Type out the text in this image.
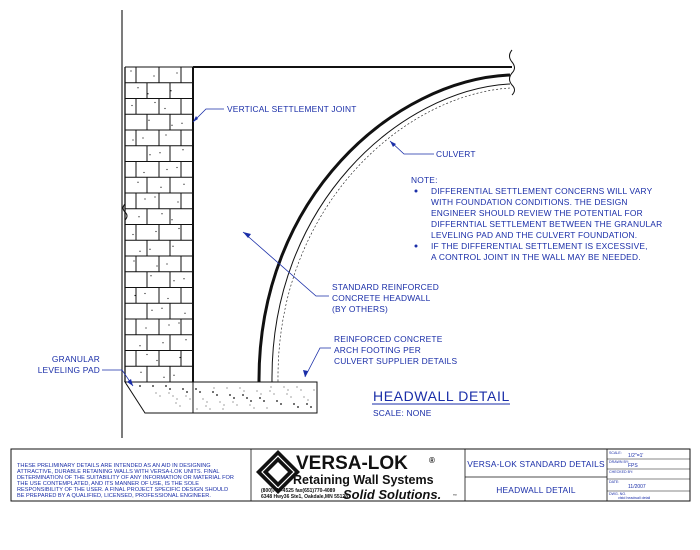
VERTICAL SETTLEMENT JOINT
CULVERT
STANDARD REINFORCED
CONCRETE HEADWALL
(BY OTHERS)
REINFORCED CONCRETE
ARCH FOOTING PER
CULVERT SUPPLIER DETAILS
GRANULAR
LEVELING PAD
NOTE:
DIFFERENTIAL SETTLEMENT CONCERNS WILL VARY
WITH FOUNDATION CONDITIONS. THE DESIGN
ENGINEER SHOULD REVIEW THE POTENTIAL FOR
DIFFERNTIAL SETTLEMENT BETWEEN THE GRANULAR
LEVELING PAD AND THE CULVERT FOUNDATION.
IF THE DIFFERENTIAL SETTLEMENT IS EXCESSIVE,
A CONTROL JOINT IN THE WALL MAY BE NEEDED.
HEADWALL DETAIL
SCALE: NONE
THESE PRELIMINARY DETAILS ARE INTENDED AS AN AID IN DESIGNING
ATTRACTIVE, DURABLE RETAINING WALLS WITH VERSA-LOK UNITS. FINAL
DETERMINATION OF THE SUITABILITY OF ANY INFORMATION OR MATERIAL FOR
THE USE CONTEMPLATED, AND ITS MANNER OF USE, IS THE SOLE
RESPONSIBILITY OF THE USER. A FINAL PROJECT SPECIFIC DESIGN SHOULD
BE PREPARED BY A QUALIFIED, LICENSED, PROFESSIONAL ENGINEER.
VERSA-LOK	®
Retaining Wall Systems
(800)770-4525 fax(651)770-4089
6348 Hwy36 Ste1, Oakdale,MN 55128
Solid Solutions.	™
VERSA-LOK STANDARD DETAILS
HEADWALL DETAIL
SCALE: 1/2"=1'
DRAWN BY:
FPS
CHECKED BY:
DATE:
11/2007
DWG. NO.
vlstd headwall detail
